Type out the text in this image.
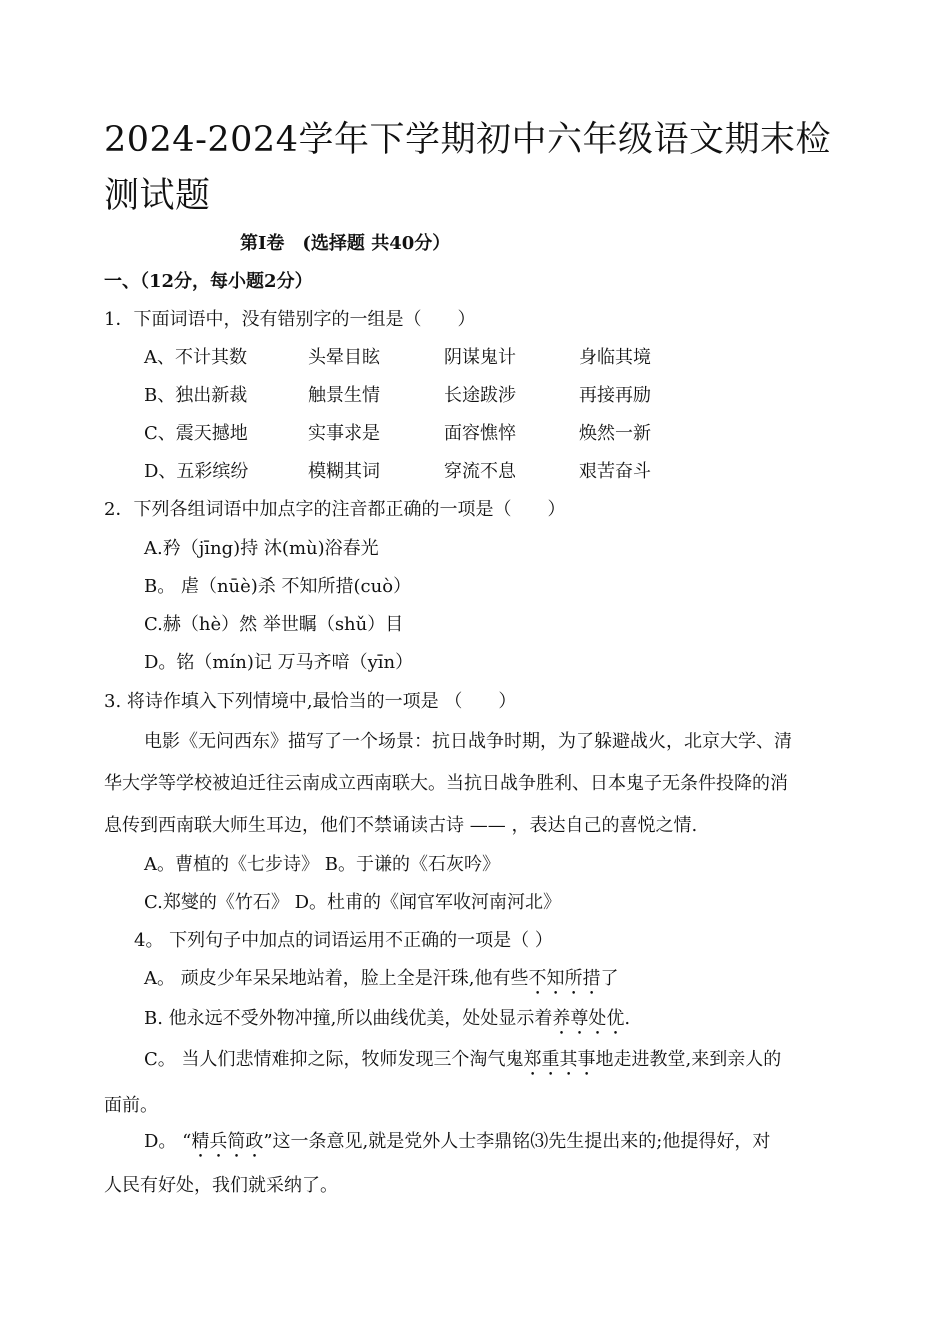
2024-2024学年下学期初中六年级语文期末检测试题
第Ⅰ卷　(选择题 共40分）
一、（12分，每小题2分）
1．下面词语中，没有错别字的一组是（　　）
A、不计其数	头晕目眩	阴谋鬼计	身临其境
B、独出新裁	触景生情	长途跋涉	再接再励
C、震天撼地	实事求是	面容憔悴	焕然一新
D、五彩缤纷	模糊其词	穿流不息	艰苦奋斗
2．下列各组词语中加点字的注音都正确的一项是（　　）
A.矜（jīng)持 沐(mù)浴春光
B。 虐（nūè)杀 不知所措(cuò）
C.赫（hè）然 举世瞩（shǔ）目
D。铭（mín)记 万马齐喑（yīn）
3. 将诗作填入下列情境中,最恰当的一项是 （　　）
电影《无问西东》描写了一个场景：抗日战争时期，为了躲避战火，北京大学、清
华大学等学校被迫迁往云南成立西南联大。当抗日战争胜利、日本鬼子无条件投降的消
息传到西南联大师生耳边，他们不禁诵读古诗 —— ，表达自己的喜悦之情.
A。曹植的《七步诗》 B。于谦的《石灰吟》
C.郑燮的《竹石》 D。杜甫的《闻官军收河南河北》
4。 下列句子中加点的词语运用不正确的一项是（ ）
A。 顽皮少年呆呆地站着，脸上全是汗珠,他有些不知所措了
B. 他永远不受外物冲撞,所以曲线优美，处处显示着养尊处优.
C。 当人们悲情难抑之际，牧师发现三个淘气鬼郑重其事地走进教堂,来到亲人的
面前。
D。 “精兵简政”这一条意见,就是党外人士李鼎铭⑶先生提出来的;他提得好，对
人民有好处，我们就采纳了。
